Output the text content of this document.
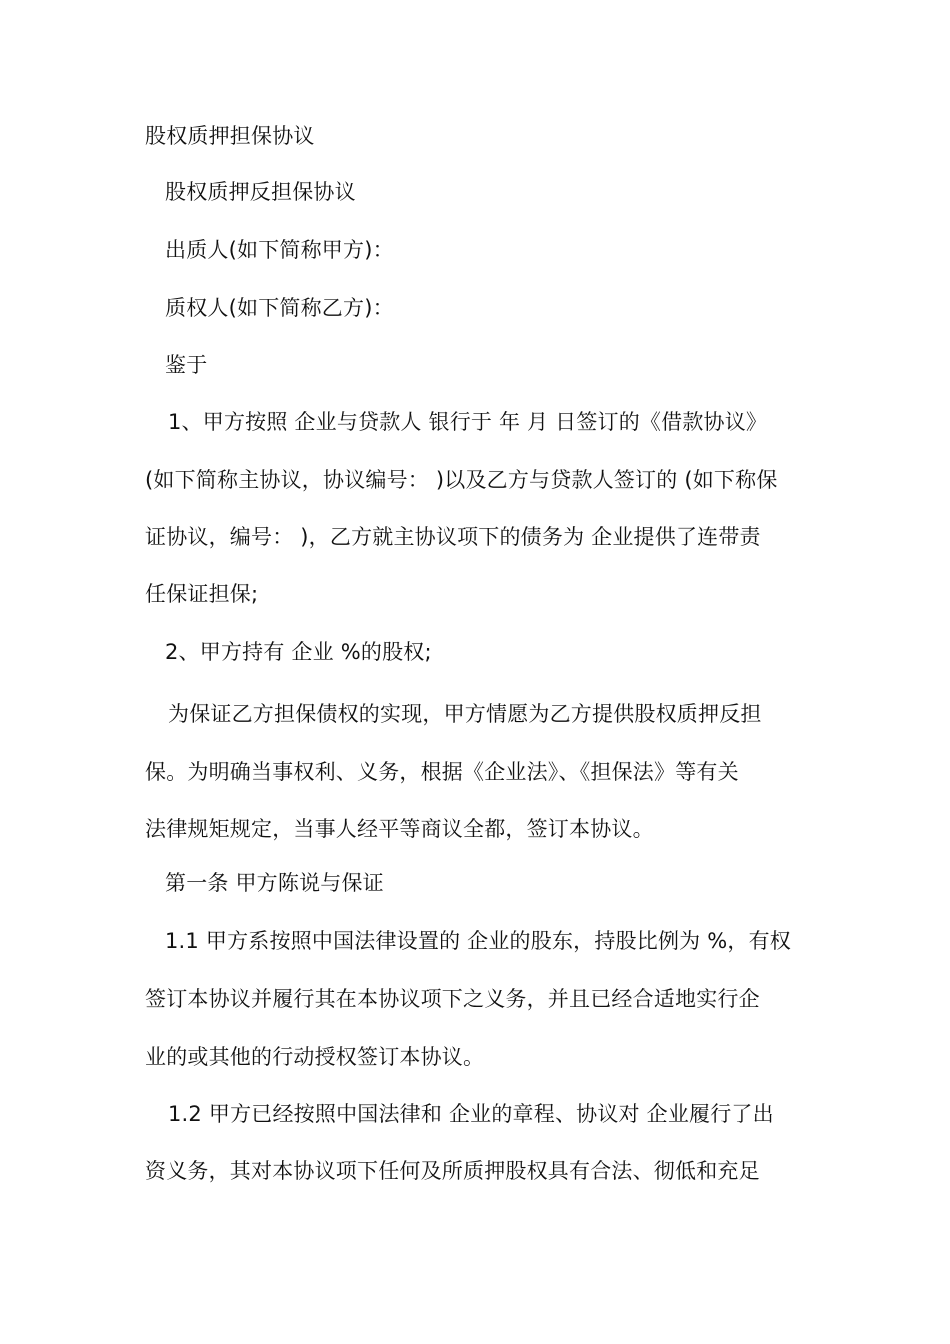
股权质押担保协议
股权质押反担保协议
出质人(如下简称甲方)：
质权人(如下简称乙方)：
鉴于
1、甲方按照 企业与贷款人 银行于 年 月 日签订的《借款协议》
(如下简称主协议，协议编号： )以及乙方与贷款人签订的 (如下称保
证协议，编号： )，乙方就主协议项下的债务为 企业提供了连带责
任保证担保;
2、甲方持有 企业 %的股权;
为保证乙方担保债权的实现，甲方情愿为乙方提供股权质押反担
保。为明确当事权利、义务，根据《企业法》、《担保法》等有关
法律规矩规定，当事人经平等商议全都，签订本协议。
第一条 甲方陈说与保证
1.1 甲方系按照中国法律设置的 企业的股东，持股比例为 %，有权
签订本协议并履行其在本协议项下之义务，并且已经合适地实行企
业的或其他的行动授权签订本协议。
1.2 甲方已经按照中国法律和 企业的章程、协议对 企业履行了出
资义务，其对本协议项下任何及所质押股权具有合法、彻低和充足
